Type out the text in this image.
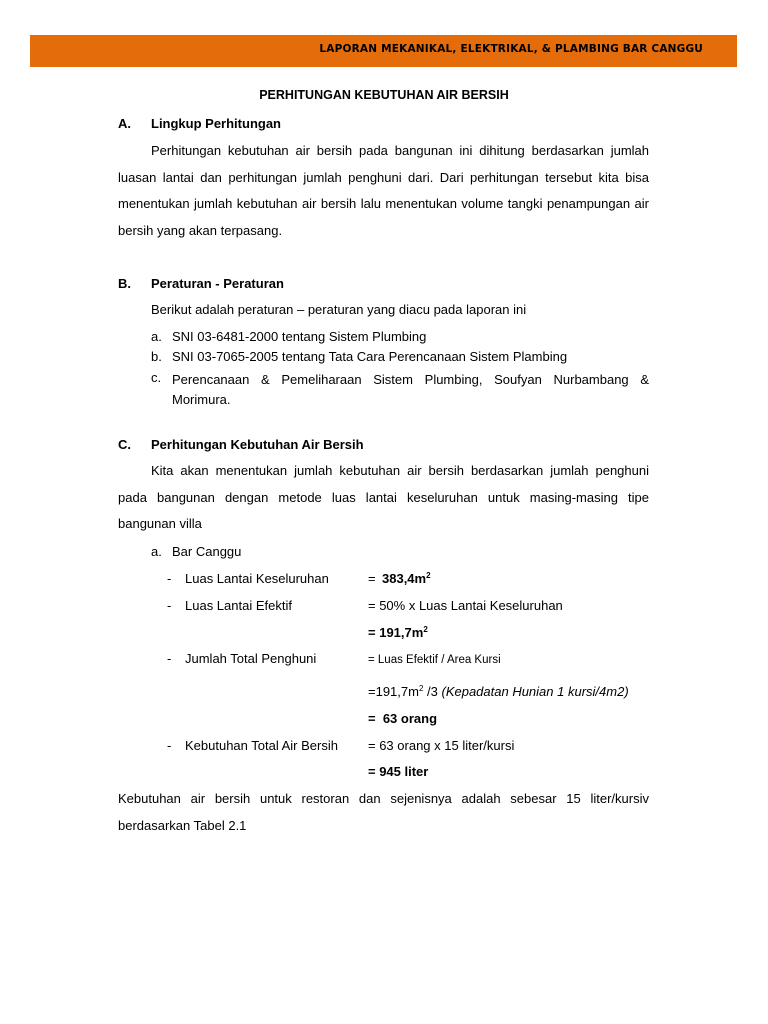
LAPORAN MEKANIKAL, ELEKTRIKAL, & PLAMBING BAR CANGGU
PERHITUNGAN KEBUTUHAN AIR BERSIH
A. Lingkup Perhitungan
Perhitungan kebutuhan air bersih pada bangunan ini dihitung berdasarkan jumlah luasan lantai dan perhitungan jumlah penghuni dari. Dari perhitungan tersebut kita bisa menentukan jumlah kebutuhan air bersih lalu menentukan volume tangki penampungan air bersih yang akan terpasang.
B. Peraturan - Peraturan
Berikut adalah peraturan – peraturan yang diacu pada laporan ini
a. SNI 03-6481-2000 tentang Sistem Plumbing
b. SNI 03-7065-2005 tentang Tata Cara Perencanaan Sistem Plambing
c. Perencanaan & Pemeliharaan Sistem Plumbing, Soufyan Nurbambang & Morimura.
C. Perhitungan Kebutuhan Air Bersih
Kita akan menentukan jumlah kebutuhan air bersih berdasarkan jumlah penghuni pada bangunan dengan metode luas lantai keseluruhan untuk masing-masing tipe bangunan villa
a. Bar Canggu
- Luas Lantai Keseluruhan	= $383,4m^2$
- Luas Lantai Efektif	= 50% x Luas Lantai Keseluruhan
= $191,7m^2$
- Jumlah Total Penghuni	= Luas Efektif / Area Kursi
$=191,7m^2$ /3 (Kepadatan Hunian 1 kursi/4m2)
= 63 orang
- Kebutuhan Total Air Bersih = 63 orang x 15 liter/kursi
= 945 liter
Kebutuhan air bersih untuk restoran dan sejenisnya adalah sebesar 15 liter/kursiv berdasarkan Tabel 2.1
